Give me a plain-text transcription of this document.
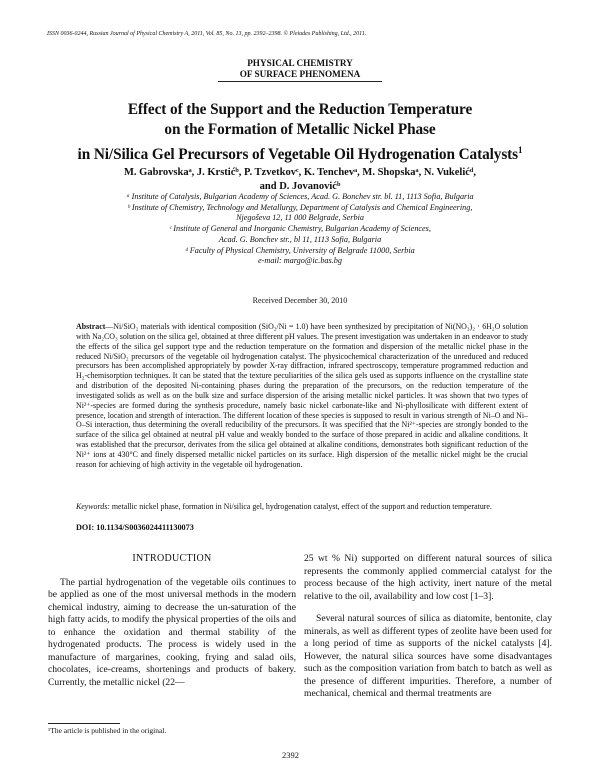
ISSN 0036-0244, Russian Journal of Physical Chemistry A, 2011, Vol. 85, No. 13, pp. 2392–2398. © Pleiades Publishing, Ltd., 2011.
PHYSICAL CHEMISTRY
OF SURFACE PHENOMENA
Effect of the Support and the Reduction Temperature
on the Formation of Metallic Nickel Phase
in Ni/Silica Gel Precursors of Vegetable Oil Hydrogenation Catalysts$^1$
M. Gabrovskaᵃ, J. Krstićᵇ, P. Tzvetkovᶜ, K. Tenchevᵃ, M. Shopskaᵃ, N. Vukelićᵈ,
and D. Jovanovićᵇ
ᵃ Institute of Catalysis, Bulgarian Academy of Sciences, Acad. G. Bonchev str. bl. 11, 1113 Sofia, Bulgaria
ᵇ Institute of Chemistry, Technology and Metallurgy, Department of Catalysis and Chemical Engineering,
Njegoševa 12, 11 000 Belgrade, Serbia
ᶜ Institute of General and Inorganic Chemistry, Bulgarian Academy of Sciences,
Acad. G. Bonchev str., bl 11, 1113 Sofia, Bulgaria
ᵈ Faculty of Physical Chemistry, University of Belgrade 11000, Serbia
e-mail: margo@ic.bas.bg
Received December 30, 2010
Abstract—Ni/SiO₂ materials with identical composition (SiO₂/Ni = 1.0) have been synthesized by precipitation of Ni(NO₃)₂ · 6H₂O solution with Na₂CO₃ solution on the silica gel, obtained at three different pH values. The present investigation was undertaken in an endeavor to study the effects of the silica gel support type and the reduction temperature on the formation and dispersion of the metallic nickel phase in the reduced Ni/SiO₂ precursors of the vegetable oil hydrogenation catalyst. The physicochemical characterization of the unreduced and reduced precursors has been accomplished appropriately by powder X-ray diffraction, infrared spectroscopy, temperature programmed reduction and H₂-chemisorption techniques. It can be stated that the texture peculiarities of the silica gels used as supports influence on the crystalline state and distribution of the deposited Ni-containing phases during the preparation of the precursors, on the reduction temperature of the investigated solids as well as on the bulk size and surface dispersion of the arising metallic nickel particles. It was shown that two types of Ni²⁺-species are formed during the synthesis procedure, namely basic nickel carbonate-like and Ni-phyllosilicate with different extent of presence, location and strength of interaction. The different location of these species is supposed to result in various strength of Ni–O and Ni–O–Si interaction, thus determining the overall reducibility of the precursors. It was specified that the Ni²⁺-species are strongly bonded to the surface of the silica gel obtained at neutral pH value and weakly bonded to the surface of those prepared in acidic and alkaline conditions. It was established that the precursor, derivates from the silica gel obtained at alkaline conditions, demonstrates both significant reduction of the Ni²⁺ ions at 430°C and finely dispersed metallic nickel particles on its surface. High dispersion of the metallic nickel might be the crucial reason for achieving of high activity in the vegetable oil hydrogenation.
Keywords: metallic nickel phase, formation in Ni/silica gel, hydrogenation catalyst, effect of the support and reduction temperature.
DOI: 10.1134/S0036024411130073
INTRODUCTION
The partial hydrogenation of the vegetable oils continues to be applied as one of the most universal methods in the modern chemical industry, aiming to decrease the un-saturation of the high fatty acids, to modify the physical properties of the oils and to enhance the oxidation and thermal stability of the hydrogenated products. The process is widely used in the manufacture of margarines, cooking, frying and salad oils, chocolates, ice-creams, shortenings and products of bakery. Currently, the metallic nickel (22—
25 wt % Ni) supported on different natural sources of silica represents the commonly applied commercial catalyst for the process because of the high activity, inert nature of the metal relative to the oil, availability and low cost [1–3].
Several natural sources of silica as diatomite, bentonite, clay minerals, as well as different types of zeolite have been used for a long period of time as supports of the nickel catalysts [4]. However, the natural silica sources have some disadvantages such as the composition variation from batch to batch as well as the presence of different impurities. Therefore, a number of mechanical, chemical and thermal treatments are
¹The article is published in the original.
2392
